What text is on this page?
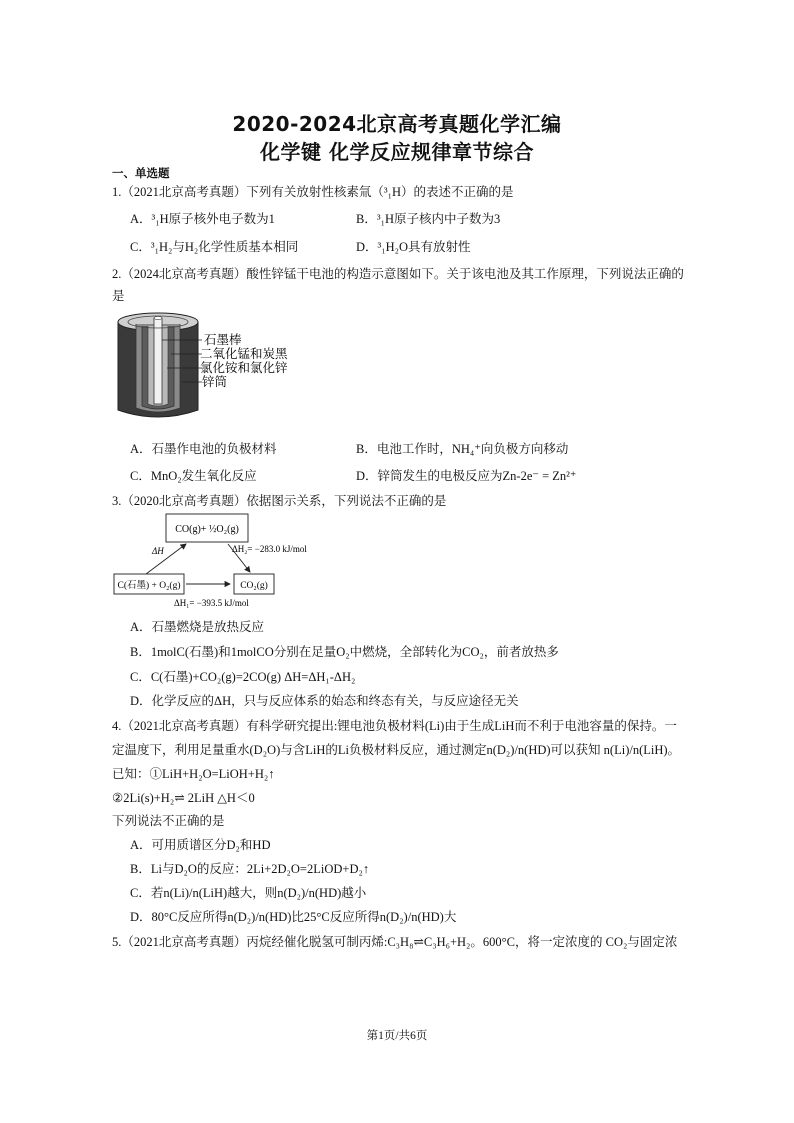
2020-2024北京高考真题化学汇编
化学键 化学反应规律章节综合
一、单选题
1.（2021北京高考真题）下列有关放射性核素氚（³₁H）的表述不正确的是
A．³₁H原子核外电子数为1	B．³₁H原子核内中子数为3
C．³₁H₂与H₂化学性质基本相同	D．³₁H₂O具有放射性
2.（2024北京高考真题）酸性锌锰干电池的构造示意图如下。关于该电池及其工作原理，下列说法正确的
是
石墨棒
二氧化锰和炭黑
氯化铵和氯化锌
锌筒
A．石墨作电池的负极材料	B．电池工作时，NH₄⁺向负极方向移动
C．MnO₂发生氧化反应	D．锌筒发生的电极反应为Zn-2e⁻ = Zn²⁺
3.（2020北京高考真题）依据图示关系，下列说法不正确的是
CO(g)+ ½O₂(g)
C(石墨) + O₂(g)	CO₂(g)
ΔH	ΔH₂= −283.0 kJ/mol
ΔH₁= −393.5 kJ/mol
A．石墨燃烧是放热反应
B．1molC(石墨)和1molCO分别在足量O₂中燃烧，全部转化为CO₂，前者放热多
C．C(石墨)+CO₂(g)=2CO(g) ΔH=ΔH₁-ΔH₂
D．化学反应的ΔH，只与反应体系的始态和终态有关，与反应途径无关
4.（2021北京高考真题）有科学研究提出:锂电池负极材料(Li)由于生成LiH而不利于电池容量的保持。一
定温度下，利用足量重水(D₂O)与含LiH的Li负极材料反应，通过测定n(D₂)/n(HD)可以获知 n(Li)/n(LiH)。
已知：①LiH+H₂O=LiOH+H₂↑
②2Li(s)+H₂⇌ 2LiH △H＜0
下列说法不正确的是
A．可用质谱区分D₂和HD
B．Li与D₂O的反应：2Li+2D₂O=2LiOD+D₂↑
C．若n(Li)/n(LiH)越大，则n(D₂)/n(HD)越小
D．80°C反应所得n(D₂)/n(HD)比25°C反应所得n(D₂)/n(HD)大
5.（2021北京高考真题）丙烷经催化脱氢可制丙烯:C₃H₈⇌C₃H₆+H₂。600°C，将一定浓度的 CO₂与固定浓
第1页/共6页
